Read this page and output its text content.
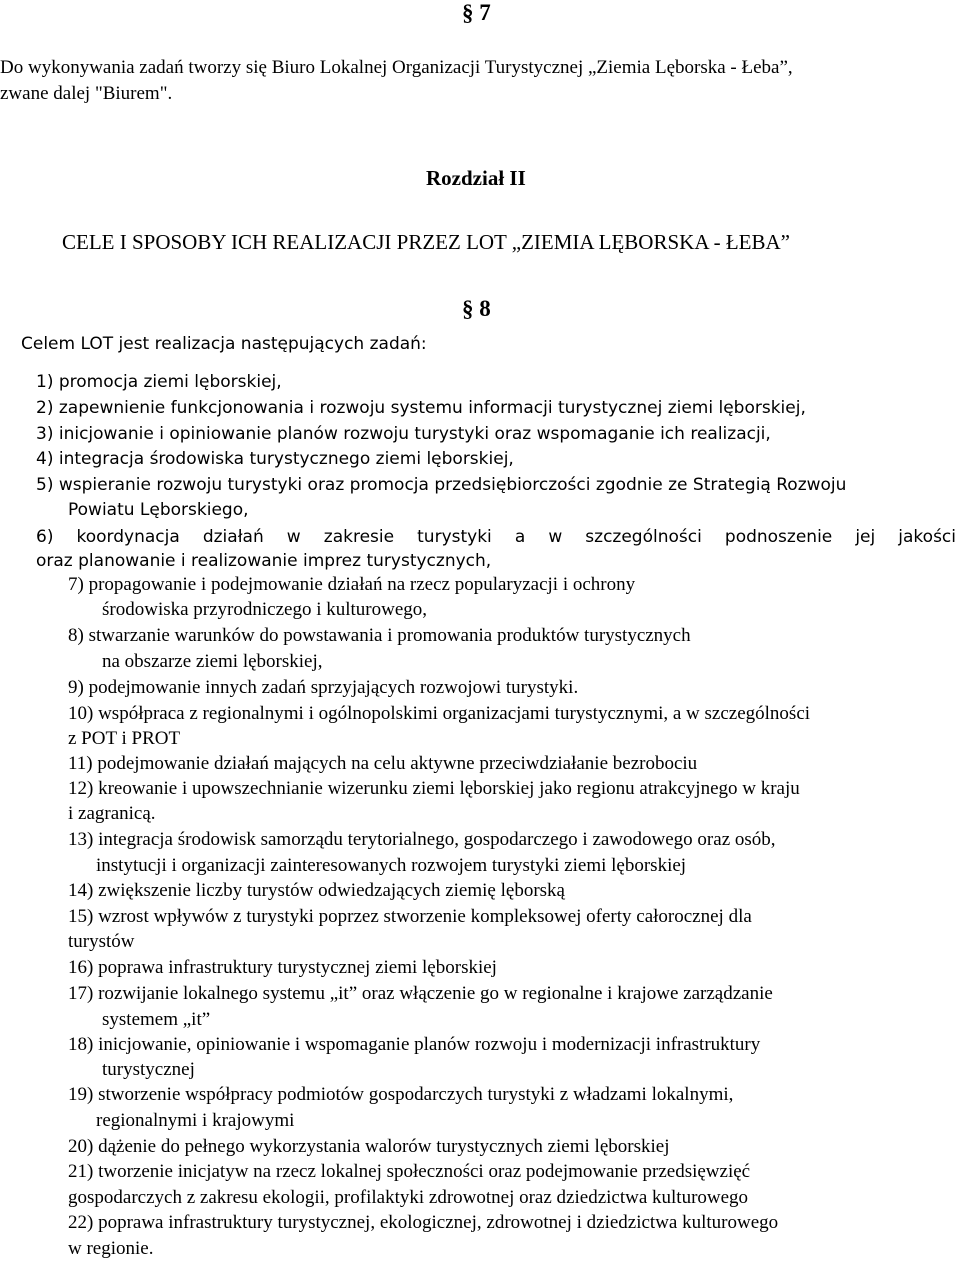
§ 7
Do wykonywania zadań tworzy się Biuro Lokalnej Organizacji Turystycznej „Ziemia Lęborska - Łeba”,
zwane dalej "Biurem".
Rozdział II
CELE I SPOSOBY ICH REALIZACJI PRZEZ LOT „ZIEMIA LĘBORSKA - ŁEBA”
§ 8
Celem LOT jest realizacja następujących zadań:
1) promocja ziemi lęborskiej,
2) zapewnienie funkcjonowania i rozwoju systemu informacji turystycznej ziemi lęborskiej,
3) inicjowanie i opiniowanie planów rozwoju turystyki oraz wspomaganie ich realizacji,
4) integracja środowiska turystycznego ziemi lęborskiej,
5) wspieranie rozwoju turystyki oraz promocja przedsiębiorczości zgodnie ze Strategią Rozwoju
Powiatu Lęborskiego,
6) koordynacja działań w zakresie turystyki a w szczególności podnoszenie jej jakości
oraz planowanie i realizowanie imprez turystycznych,
7) propagowanie i podejmowanie działań na rzecz popularyzacji i ochrony
środowiska przyrodniczego i kulturowego,
8) stwarzanie warunków do powstawania i promowania produktów turystycznych
na obszarze ziemi lęborskiej,
9) podejmowanie innych zadań sprzyjających rozwojowi turystyki.
10) współpraca z regionalnymi i ogólnopolskimi organizacjami turystycznymi, a w szczególności
z POT i PROT
11) podejmowanie działań mających na celu aktywne przeciwdziałanie bezrobociu
12) kreowanie i upowszechnianie wizerunku ziemi lęborskiej jako regionu atrakcyjnego w kraju
i zagranicą.
13) integracja środowisk samorządu terytorialnego, gospodarczego i zawodowego oraz osób,
instytucji i organizacji zainteresowanych rozwojem turystyki ziemi lęborskiej
14) zwiększenie liczby turystów odwiedzających ziemię lęborską
15) wzrost wpływów z turystyki poprzez stworzenie kompleksowej oferty całorocznej dla
turystów
16) poprawa infrastruktury turystycznej ziemi lęborskiej
17) rozwijanie lokalnego systemu „it” oraz włączenie go w regionalne i krajowe zarządzanie
systemem „it”
18) inicjowanie, opiniowanie i wspomaganie planów rozwoju i modernizacji infrastruktury
turystycznej
19) stworzenie współpracy podmiotów gospodarczych turystyki z władzami lokalnymi,
regionalnymi i krajowymi
20) dążenie do pełnego wykorzystania walorów turystycznych ziemi lęborskiej
21) tworzenie inicjatyw na rzecz lokalnej społeczności oraz podejmowanie przedsięwzięć
gospodarczych z zakresu ekologii, profilaktyki zdrowotnej oraz dziedzictwa kulturowego
22) poprawa infrastruktury turystycznej, ekologicznej, zdrowotnej i dziedzictwa kulturowego
w regionie.
